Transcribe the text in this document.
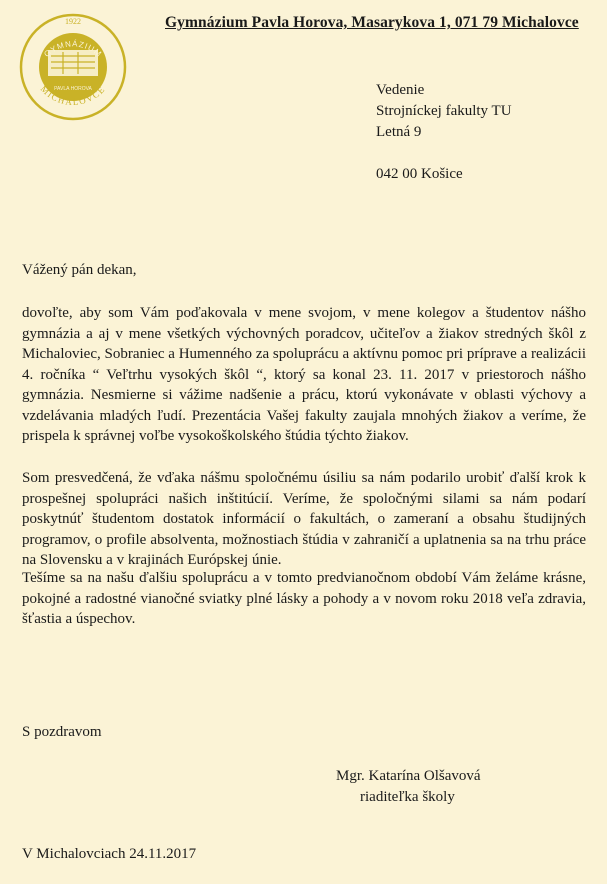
1922
GYMNÁZIUM
PAVLA HOROVA
MICHALOVCE
Gymnázium Pavla Horova, Masarykova 1, 071 79 Michalovce
Vedenie
Strojníckej fakulty TU
Letná 9
042 00 Košice
Vážený pán dekan,

dovoľte, aby som Vám poďakovala v mene svojom, v mene kolegov a študentov nášho gymnázia a aj v mene všetkých výchovných poradcov, učiteľov a žiakov stredných škôl z Michaloviec, Sobraniec a Humenného za spoluprácu a aktívnu pomoc pri príprave a realizácii 4. ročníka “ Veľtrhu vysokých škôl “, ktorý sa konal 23. 11. 2017 v priestoroch nášho gymnázia. Nesmierne si vážime nadšenie a prácu, ktorú vykonávate v oblasti výchovy a vzdelávania mladých ľudí. Prezentácia Vašej fakulty zaujala mnohých žiakov a veríme, že prispela k správnej voľbe vysokoškolského štúdia týchto žiakov.

Som presvedčená, že vďaka nášmu spoločnému úsiliu sa nám podarilo urobiť ďalší krok k prospešnej spolupráci našich inštitúcií. Veríme, že spoločnými silami sa nám podarí poskytnúť študentom dostatok informácií o fakultách, o zameraní a obsahu študijných programov, o profile absolventa, možnostiach štúdia v zahraničí a uplatnenia sa na trhu práce na Slovensku a v krajinách Európskej únie.

Tešíme sa na našu ďalšiu spoluprácu a v tomto predvianočnom období Vám želáme krásne, pokojné a radostné vianočné sviatky plné lásky a pohody a v novom roku 2018 veľa zdravia, šťastia a úspechov.

S pozdravom
Mgr. Katarína Olšavová
riaditeľka školy
V Michalovciach 24.11.2017
